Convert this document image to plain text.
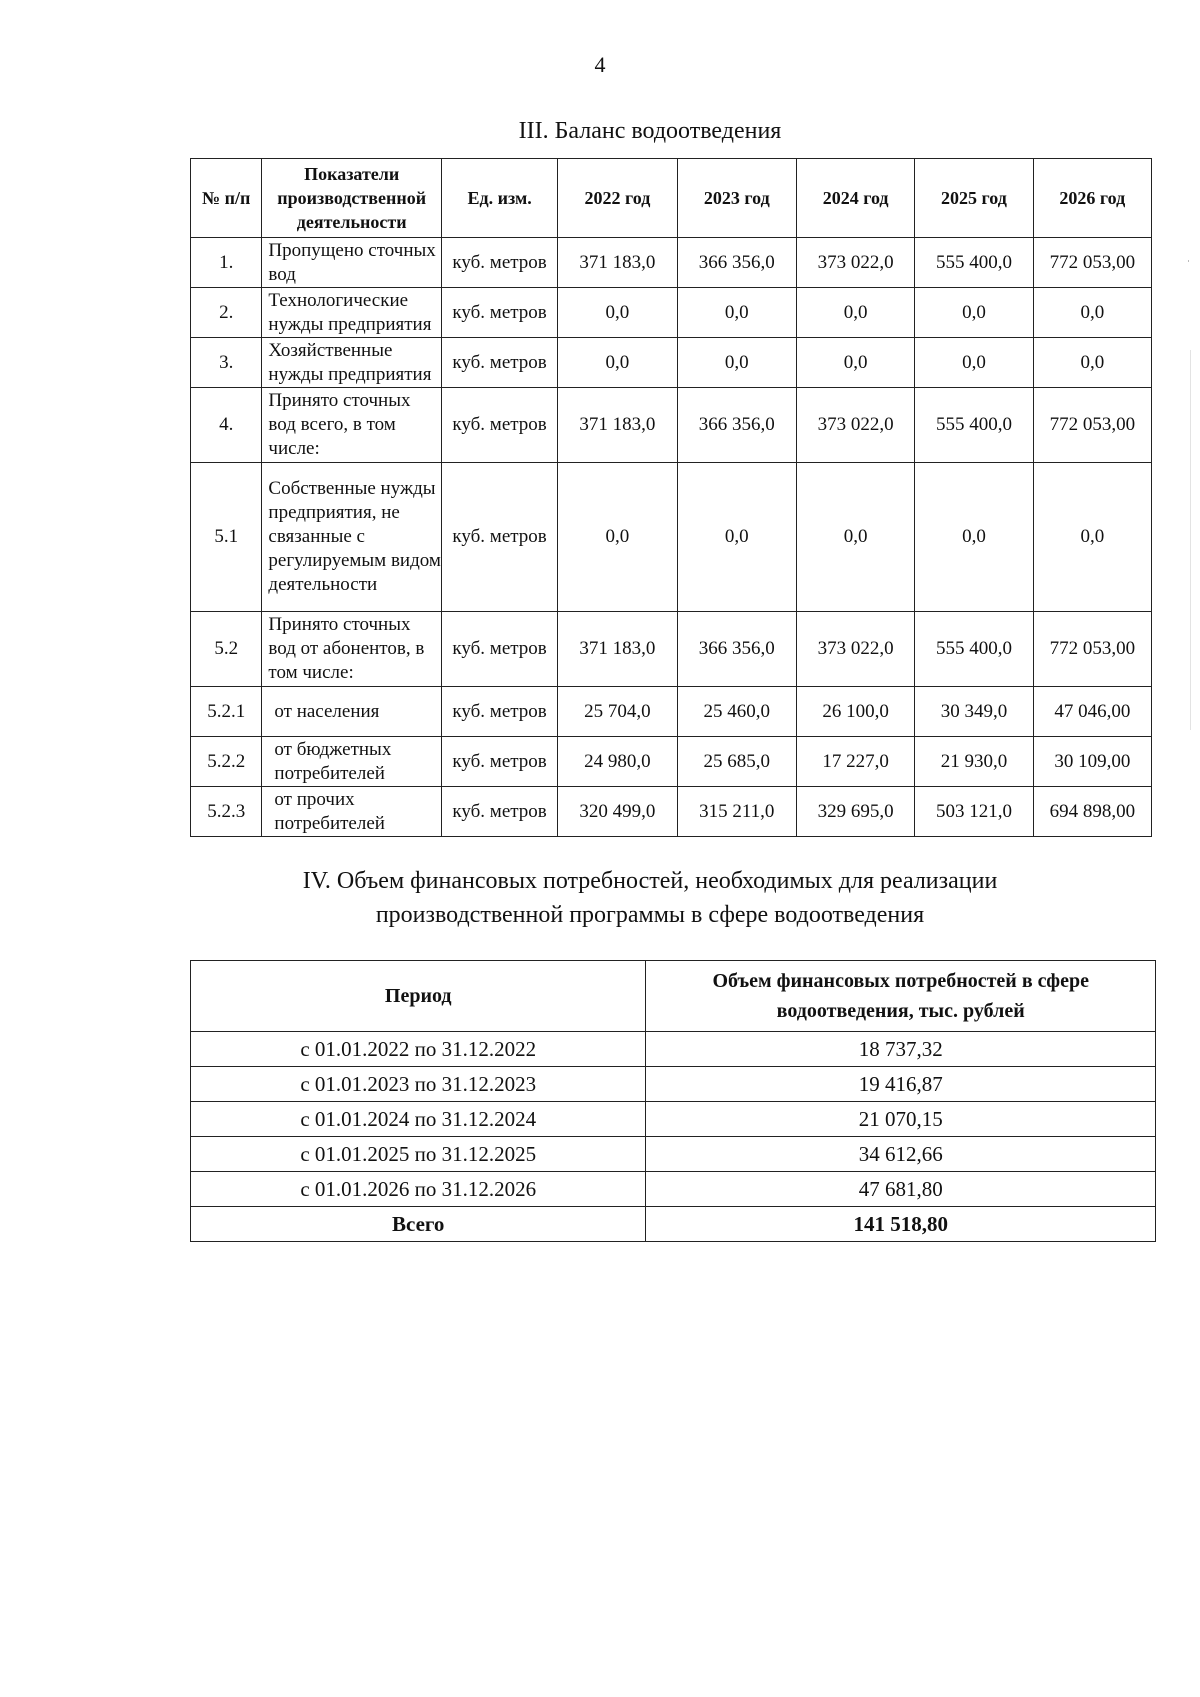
4
III. Баланс водоотведения
№ п/п	Показатели производственной деятельности	Ед. изм.	2022 год	2023 год	2024 год	2025 год	2026 год
1.	Пропущено сточных вод	куб. метров	371 183,0	366 356,0	373 022,0	555 400,0	772 053,00
2.	Технологические нужды предприятия	куб. метров	0,0	0,0	0,0	0,0	0,0
3.	Хозяйственные нужды предприятия	куб. метров	0,0	0,0	0,0	0,0	0,0
4.	Принято сточных вод всего, в том числе:	куб. метров	371 183,0	366 356,0	373 022,0	555 400,0	772 053,00
5.1	Собственные нужды предприятия, не связанные с регулируемым видом деятельности	куб. метров	0,0	0,0	0,0	0,0	0,0
5.2	Принято сточных вод от абонентов, в том числе:	куб. метров	371 183,0	366 356,0	373 022,0	555 400,0	772 053,00
5.2.1	от населения	куб. метров	25 704,0	25 460,0	26 100,0	30 349,0	47 046,00
5.2.2	от бюджетных потребителей	куб. метров	24 980,0	25 685,0	17 227,0	21 930,0	30 109,00
5.2.3	от прочих потребителей	куб. метров	320 499,0	315 211,0	329 695,0	503 121,0	694 898,00
IV. Объем финансовых потребностей, необходимых для реализации
производственной программы в сфере водоотведения
Период	Объем финансовых потребностей в сфере водоотведения, тыс. рублей
с 01.01.2022 по 31.12.2022	18 737,32
с 01.01.2023 по 31.12.2023	19 416,87
с 01.01.2024 по 31.12.2024	21 070,15
с 01.01.2025 по 31.12.2025	34 612,66
с 01.01.2026 по 31.12.2026	47 681,80
Всего	141 518,80
